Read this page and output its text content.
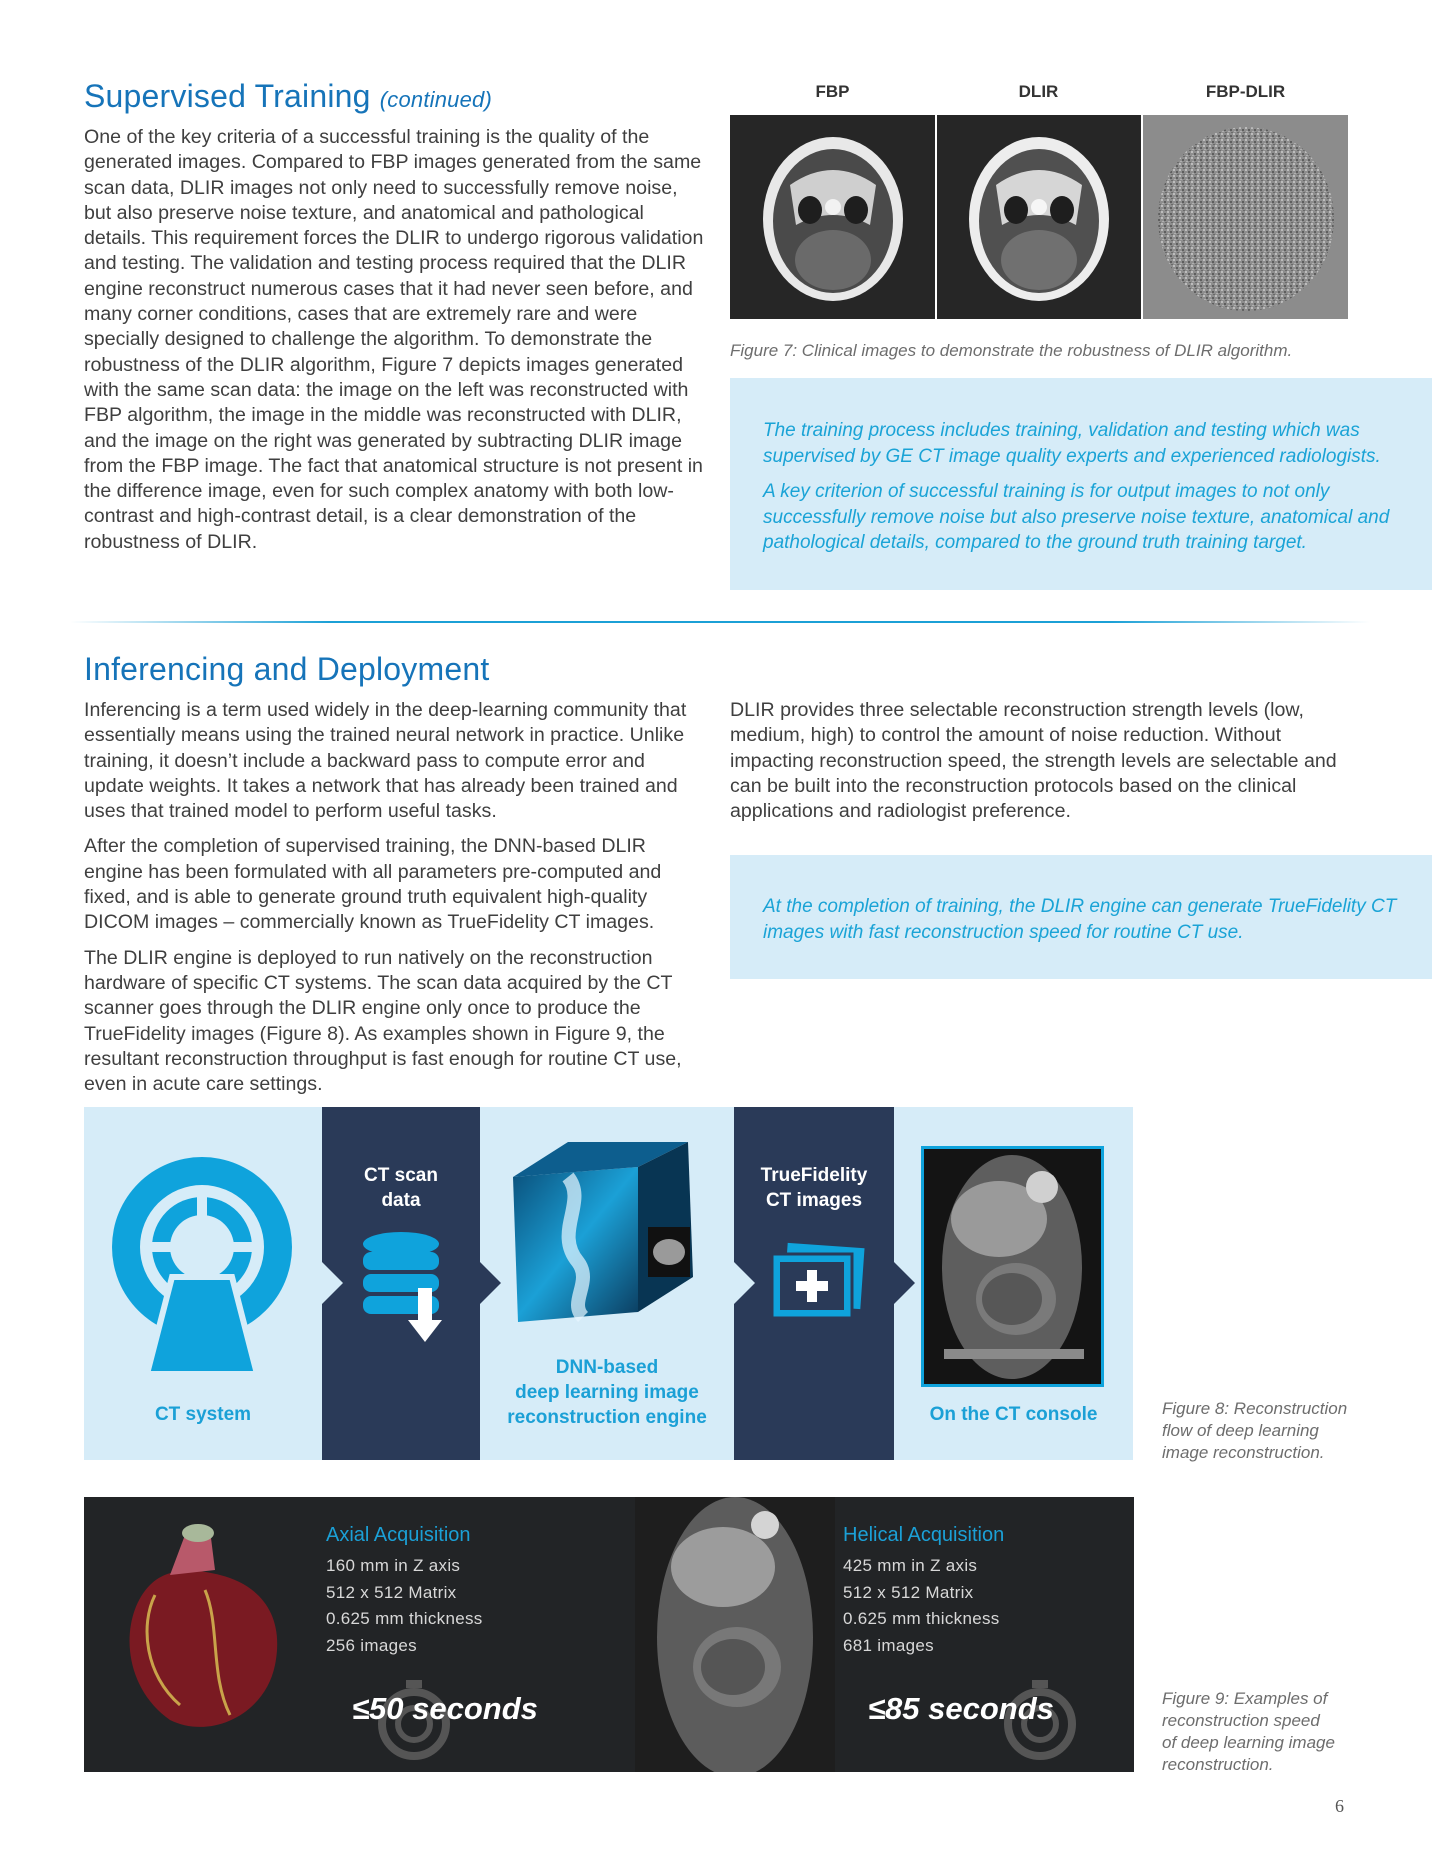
Supervised Training (continued)

One of the key criteria of a successful training is the quality of the generated images. Compared to FBP images generated from the same scan data, DLIR images not only need to successfully remove noise, but also preserve noise texture, and anatomical and pathological details. This requirement forces the DLIR to undergo rigorous validation and testing. The validation and testing process required that the DLIR engine reconstruct numerous cases that it had never seen before, and many corner conditions, cases that are extremely rare and were specially designed to challenge the algorithm. To demonstrate the robustness of the DLIR algorithm, Figure 7 depicts images generated with the same scan data: the image on the left was reconstructed with FBP algorithm, the image in the middle was reconstructed with DLIR, and the image on the right was generated by subtracting DLIR image from the FBP image. The fact that anatomical structure is not present in the difference image, even for such complex anatomy with both low-contrast and high-contrast detail, is a clear demonstration of the robustness of DLIR.

FBP	DLIR	FBP-DLIR
Figure 7: Clinical images to demonstrate the robustness of DLIR algorithm.

The training process includes training, validation and testing which was supervised by GE CT image quality experts and experienced radiologists.

A key criterion of successful training is for output images to not only successfully remove noise but also preserve noise texture, anatomical and pathological details, compared to the ground truth training target.

Inferencing and Deployment

Inferencing is a term used widely in the deep-learning community that essentially means using the trained neural network in practice. Unlike training, it doesn’t include a backward pass to compute error and update weights. It takes a network that has already been trained and uses that trained model to perform useful tasks.

After the completion of supervised training, the DNN-based DLIR engine has been formulated with all parameters pre-computed and fixed, and is able to generate ground truth equivalent high-quality DICOM images – commercially known as TrueFidelity CT images.

The DLIR engine is deployed to run natively on the reconstruction hardware of specific CT systems. The scan data acquired by the CT scanner goes through the DLIR engine only once to produce the TrueFidelity images (Figure 8). As examples shown in Figure 9, the resultant reconstruction throughput is fast enough for routine CT use, even in acute care settings.

DLIR provides three selectable reconstruction strength levels (low, medium, high) to control the amount of noise reduction. Without impacting reconstruction speed, the strength levels are selectable and can be built into the reconstruction protocols based on the clinical applications and radiologist preference.

At the completion of training, the DLIR engine can generate TrueFidelity CT images with fast reconstruction speed for routine CT use.

CT system
CT scan
data
DNN-based
deep learning image
reconstruction engine
TrueFidelity
CT images
On the CT console	Figure 8: Reconstruction
flow of deep learning
image reconstruction.
Axial Acquisition
160 mm in Z axis
512 x 512 Matrix
0.625 mm thickness
256 images
≤50 seconds
Helical Acquisition
425 mm in Z axis
512 x 512 Matrix
0.625 mm thickness
681 images
≤85 seconds	Figure 9: Examples of
reconstruction speed
of deep learning image
reconstruction.
6
